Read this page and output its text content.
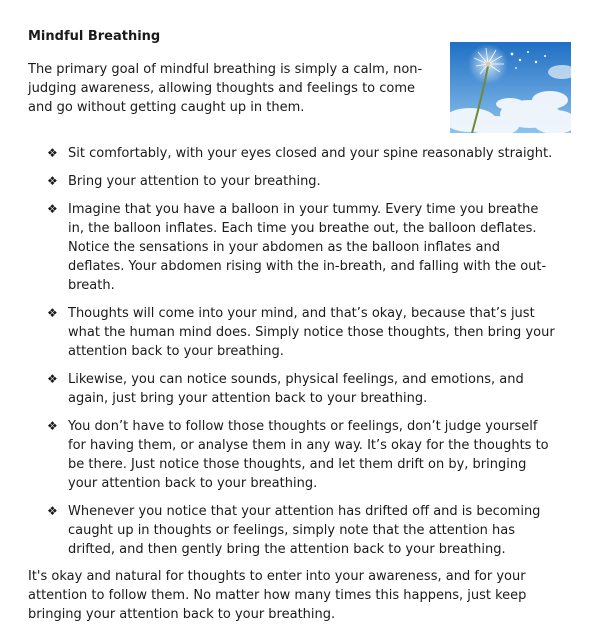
Mindful Breathing

The primary goal of mindful breathing is simply a calm, non-judging awareness, allowing thoughts and feelings to come and go without getting caught up in them.

❖ Sit comfortably, with your eyes closed and your spine reasonably straight.
❖ Bring your attention to your breathing.
❖ Imagine that you have a balloon in your tummy. Every time you breathe in, the balloon inflates. Each time you breathe out, the balloon deflates. Notice the sensations in your abdomen as the balloon inflates and deflates. Your abdomen rising with the in-breath, and falling with the out-breath.
❖ Thoughts will come into your mind, and that’s okay, because that’s just what the human mind does. Simply notice those thoughts, then bring your attention back to your breathing.
❖ Likewise, you can notice sounds, physical feelings, and emotions, and again, just bring your attention back to your breathing.
❖ You don’t have to follow those thoughts or feelings, don’t judge yourself for having them, or analyse them in any way. It’s okay for the thoughts to be there. Just notice those thoughts, and let them drift on by, bringing your attention back to your breathing.
❖ Whenever you notice that your attention has drifted off and is becoming caught up in thoughts or feelings, simply note that the attention has drifted, and then gently bring the attention back to your breathing.

It's okay and natural for thoughts to enter into your awareness, and for your attention to follow them. No matter how many times this happens, just keep bringing your attention back to your breathing.
